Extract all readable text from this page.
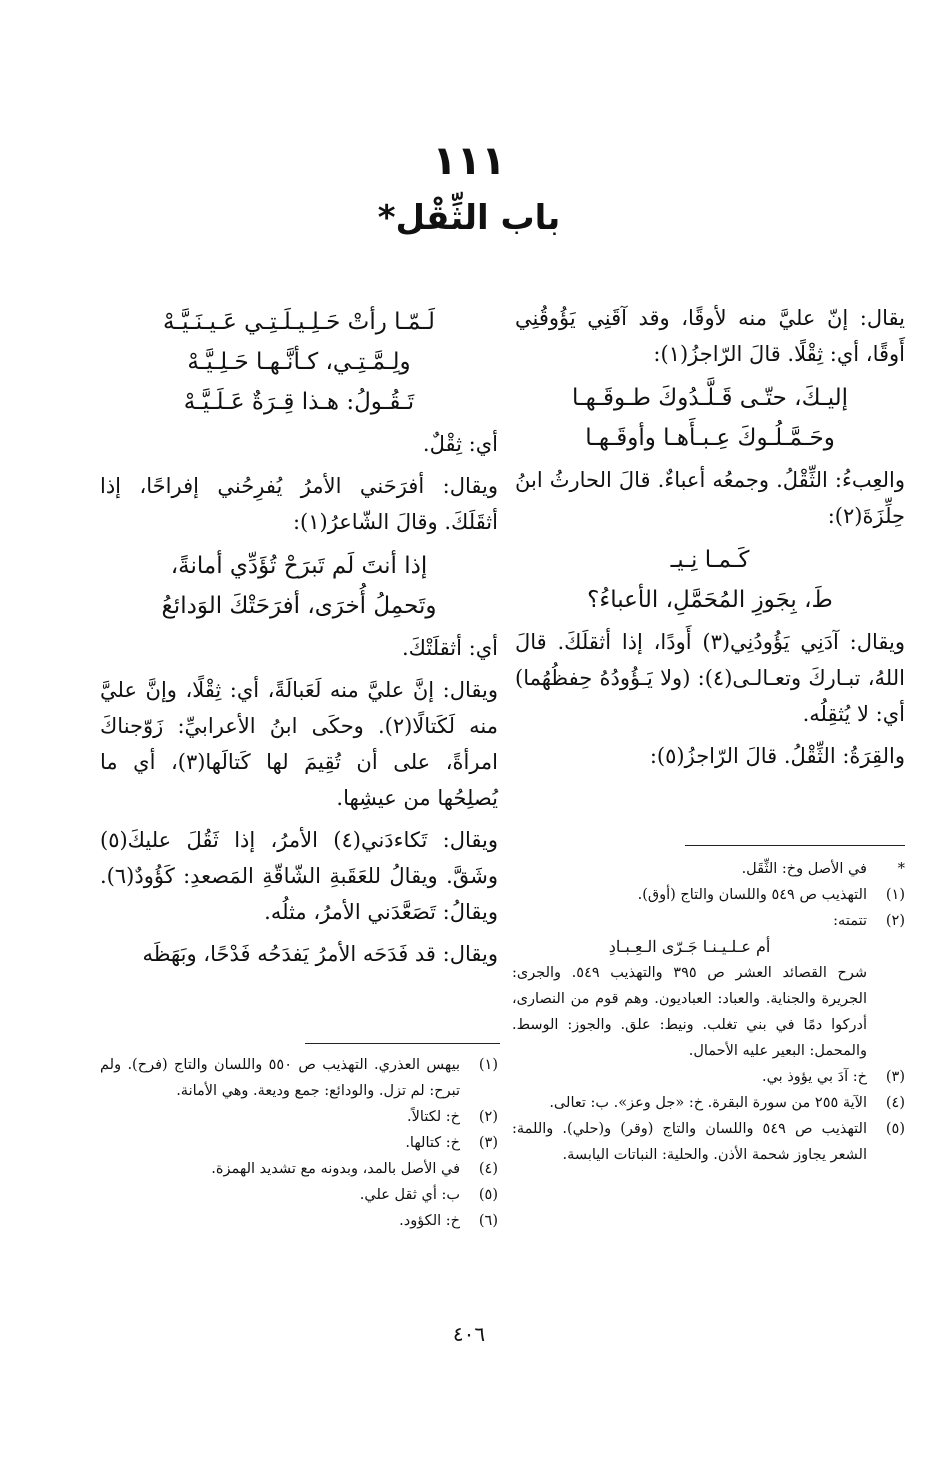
١١١
باب الثِّقْل*

يقال: إنّ عليَّ منه لأوقًا، وقد آقَنِي يَؤُوقُنِي أَوقًا، أي: ثِقْلًا. قالَ الرّاجزُ(١):

إليـكَ، حتّـى قَـلَّـدُوكَ طـوقَـهـا
وحَـمَّـلُـوكَ عِـبـأَهـا وأوقَـهـا

والعِبءُ: الثِّقْلُ. وجمعُه أعباءٌ. قالَ الحارثُ ابنُ حِلِّزَةَ(٢):

كَـمـا نِـيـ
طَ، بِجَوزِ المُحَمَّلِ، الأعباءُ؟

ويقال: آدَنِي يَؤُودُنِي(٣) أَودًا، إذا أثقلَكَ. قالَ اللهُ، تبـاركَ وتعـالـى(٤): (ولا يَـؤُودُهُ حِفظُهُما) أي: لا يُثقِلُه.

والقِرَةُ: الثِّقْلُ. قالَ الرّاجزُ(٥):

لَـمّـا رأتْ حَـلِـيـلَـتِـي عَـيـنَـيَّـهْ
ولِـمَّـتِـي، كـأنَّـهـا حَـلِـيَّـهْ
تَـقُـولُ: هـذا قِـرَةٌ عَـلَـيَّـهْ

أي: ثِقْلٌ.

ويقال: أفرَحَني الأمرُ يُفرِحُني إفراحًا، إذا أثقَلَكَ. وقالَ الشّاعرُ(١):

إذا أنتَ لَم تَبرَحْ تُؤَدِّي أمانةً،
وتَحمِلُ أُخرَى، أفرَحَتْكَ الوَدائعُ

أي: أثقلَتْكَ.

ويقال: إنَّ عليَّ منه لَعَبالَةً، أي: ثِقْلًا، وإنَّ عليَّ منه لَكَتالًا(٢). وحكَى ابنُ الأعرابيِّ: زَوّجناكَ امرأةً، على أن تُقِيمَ لها كَتالَها(٣)، أي ما يُصلِحُها من عيشِها.

ويقال: تَكاءدَني(٤) الأمرُ، إذا ثَقُلَ عليكَ(٥) وشَقَّ. ويقالُ للعَقَبةِ الشّاقّةِ المَصعدِ: كَؤُودٌ(٦). ويقالُ: تَصَعَّدَني الأمرُ، مثلُه.

ويقال: قد فَدَحَه الأمرُ يَفدَحُه فَدْحًا، وبَهَظَه

*
في الأصل وخ: الثِّقَل.
(١)
التهذيب ص ٥٤٩ واللسان والتاج (أوق).
(٢)
تتمته:
أم عـلـيـنـا جَـرّى الـعِـبـادِ
شرح القصائد العشر ص ٣٩٥ والتهذيب ٥٤٩. والجرى: الجريرة والجناية. والعباد: العباديون. وهم قوم من النصارى، أدركوا دمًا في بني تغلب. ونيط: علق. والجوز: الوسط. والمحمل: البعير عليه الأحمال.
(٣)
خ: آدَ بي يؤوذ بي.
(٤)
الآية ٢٥٥ من سورة البقرة. خ: «جل وعز». ب: تعالى.
(٥)
التهذيب ص ٥٤٩ واللسان والتاج (وقر) و(حلي). واللمة: الشعر يجاوز شحمة الأذن. والحلية: النباتات اليابسة.
(١)
بيهس العذري. التهذيب ص ٥٥٠ واللسان والتاج (فرح). ولم تبرح: لم تزل. والودائع: جمع وديعة. وهي الأمانة.
(٢)
خ: لكتالاً.
(٣)
خ: كتالها.
(٤)
في الأصل بالمد، وبدونه مع تشديد الهمزة.
(٥)
ب: أي ثقل علي.
(٦)
خ: الكؤود.
٤٠٦
